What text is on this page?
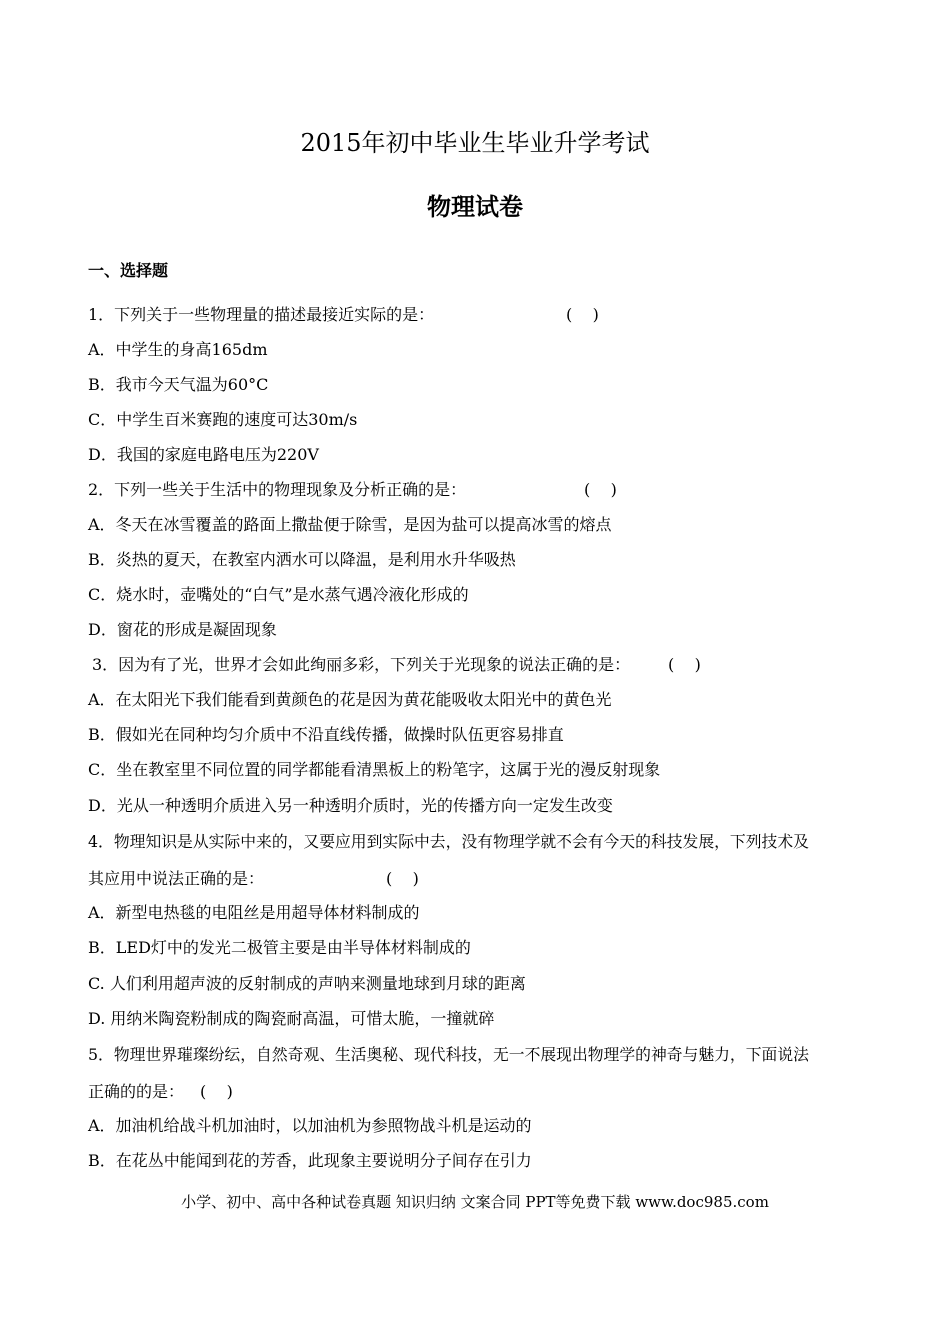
2015年初中毕业生毕业升学考试
物理试卷
一、选择题
1．下列关于一些物理量的描述最接近实际的是：	(    )
A．中学生的身高165dm
B．我市今天气温为60°C
C．中学生百米赛跑的速度可达30m/s
D．我国的家庭电路电压为220V
2．下列一些关于生活中的物理现象及分析正确的是：	(    )
A．冬天在冰雪覆盖的路面上撒盐便于除雪，是因为盐可以提高冰雪的熔点
B．炎热的夏天，在教室内洒水可以降温，是利用水升华吸热
C．烧水时，壶嘴处的“白气”是水蒸气遇冷液化形成的
D．窗花的形成是凝固现象
3．因为有了光，世界才会如此绚丽多彩，下列关于光现象的说法正确的是： (    )
A．在太阳光下我们能看到黄颜色的花是因为黄花能吸收太阳光中的黄色光
B．假如光在同种均匀介质中不沿直线传播，做操时队伍更容易排直
C．坐在教室里不同位置的同学都能看清黑板上的粉笔字，这属于光的漫反射现象
D．光从一种透明介质进入另一种透明介质时，光的传播方向一定发生改变
4．物理知识是从实际中来的，又要应用到实际中去，没有物理学就不会有今天的科技发展，下列技术及
其应用中说法正确的是：	(    )
A．新型电热毯的电阻丝是用超导体材料制成的
B．LED灯中的发光二极管主要是由半导体材料制成的
C. 人们利用超声波的反射制成的声呐来测量地球到月球的距离
D. 用纳米陶瓷粉制成的陶瓷耐高温，可惜太脆，一撞就碎
5．物理世界璀璨纷纭，自然奇观、生活奥秘、现代科技，无一不展现出物理学的神奇与魅力，下面说法
正确的的是： (    )
A．加油机给战斗机加油时，以加油机为参照物战斗机是运动的
B．在花丛中能闻到花的芳香，此现象主要说明分子间存在引力
小学、初中、高中各种试卷真题 知识归纳 文案合同 PPT等免费下载 www.doc985.com
